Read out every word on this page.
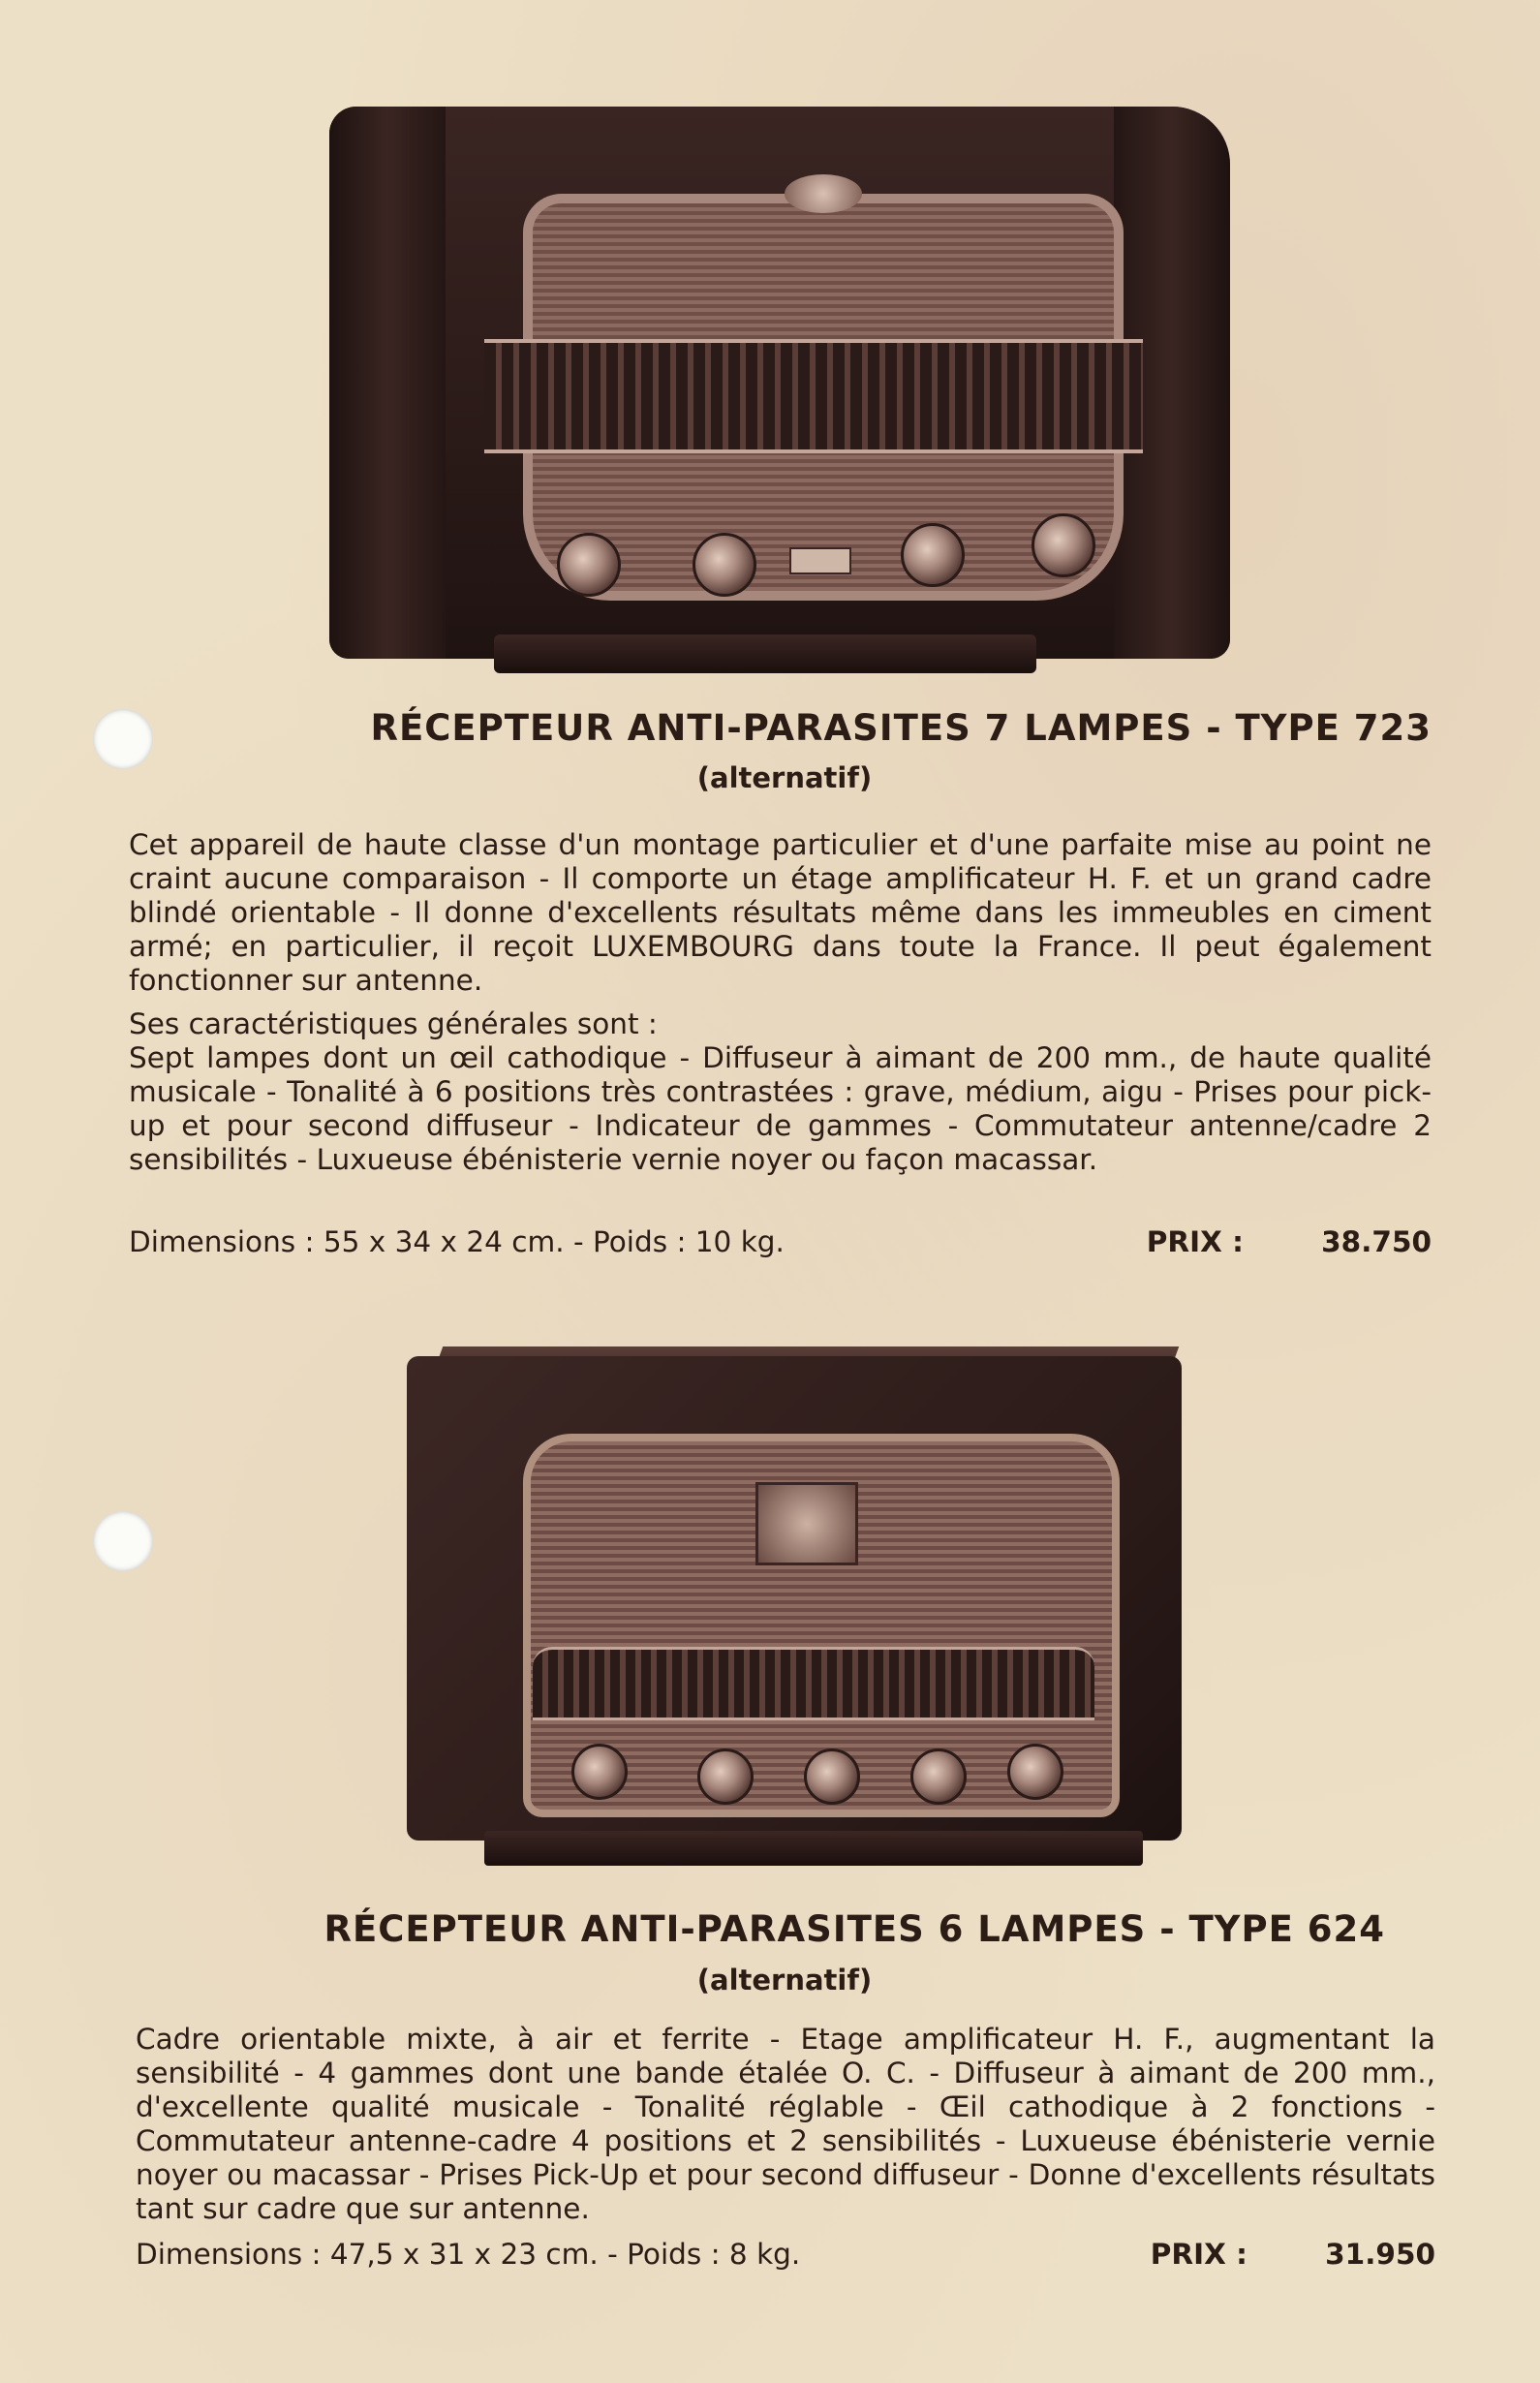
RÉCEPTEUR ANTI-PARASITES 7 LAMPES - TYPE 723
(alternatif)

Cet appareil de haute classe d'un montage particulier et d'une parfaite mise au point ne craint aucune comparaison - Il comporte un étage amplificateur H. F. et un grand cadre blindé orientable - Il donne d'excellents résultats même dans les immeubles en ciment armé; en particulier, il reçoit LUXEMBOURG dans toute la France. Il peut également fonctionner sur antenne.

Ses caractéristiques générales sont :

Sept lampes dont un œil cathodique - Diffuseur à aimant de 200 mm., de haute qualité musicale - Tonalité à 6 positions très contrastées : grave, médium, aigu - Prises pour pick-up et pour second diffuseur - Indicateur de gammes - Commutateur antenne/cadre 2 sensibilités - Luxueuse ébénisterie vernie noyer ou façon macassar.

Dimensions : 55 x 34 x 24 cm. - Poids : 10 kg.	PRIX :	38.750
RÉCEPTEUR ANTI-PARASITES 6 LAMPES - TYPE 624
(alternatif)

Cadre orientable mixte, à air et ferrite - Etage amplificateur H. F., augmentant la sensibilité - 4 gammes dont une bande étalée O. C. - Diffuseur à aimant de 200 mm., d'excellente qualité musicale - Tonalité réglable - Œil cathodique à 2 fonctions - Commutateur antenne-cadre 4 positions et 2 sensibilités - Luxueuse ébénisterie vernie noyer ou macassar - Prises Pick-Up et pour second diffuseur - Donne d'excellents résultats tant sur cadre que sur antenne.

Dimensions : 47,5 x 31 x 23 cm. - Poids : 8 kg.	PRIX :	31.950
